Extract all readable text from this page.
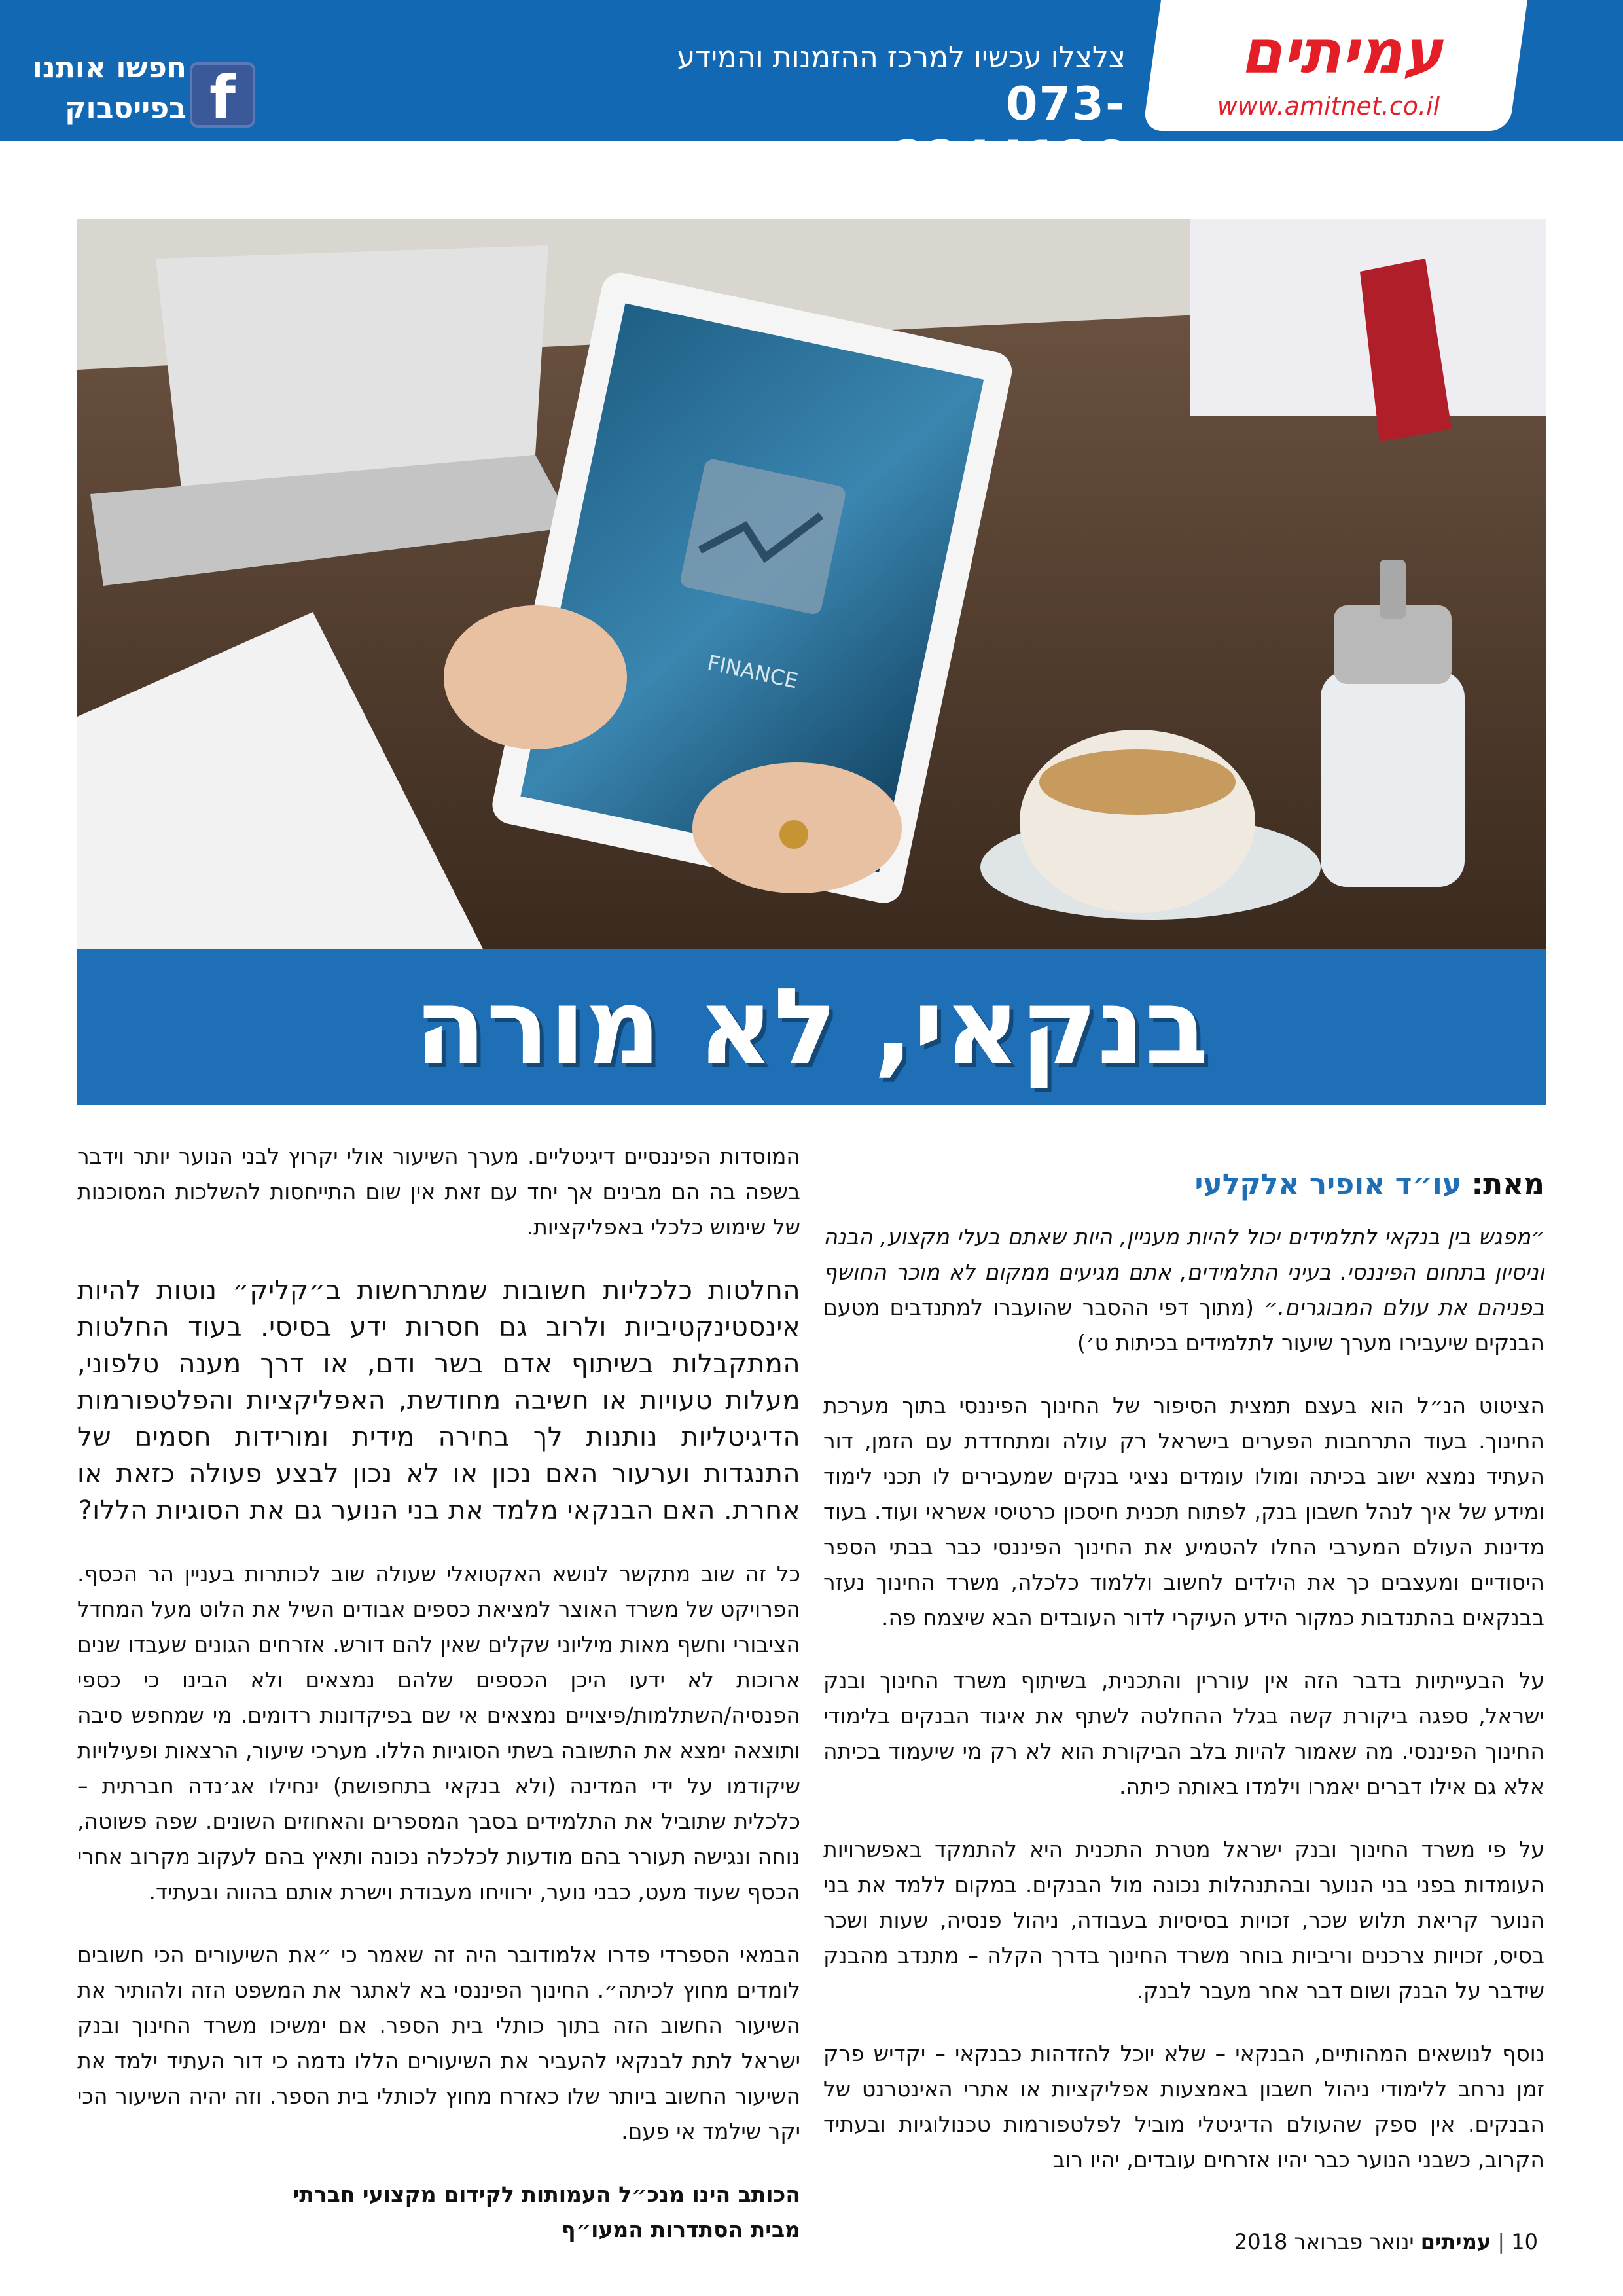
עמיתים
www.amitnet.co.il
צלצלו עכשיו למרכז ההזמנות והמידע
073-2244126
f
חפשו אותנו
בפייסבוק
FINANCE
בנקאי, לא מורה
מאת: עו״ד אופיר אלקלעי

״מפגש בין בנקאי לתלמידים יכול להיות מעניין, היות שאתם בעלי מקצוע, הבנה וניסיון בתחום הפיננסי. בעיני התלמידים, אתם מגיעים ממקום לא מוכר החושף בפניהם את עולם המבוגרים.״ (מתוך דפי ההסבר שהועברו למתנדבים מטעם הבנקים שיעבירו מערך שיעור לתלמידים בכיתות ט׳)

הציטוט הנ״ל הוא בעצם תמצית הסיפור של החינוך הפיננסי בתוך מערכת החינוך. בעוד התרחבות הפערים בישראל רק עולה ומתחדדת עם הזמן, דור העתיד נמצא ישוב בכיתה ומולו עומדים נציגי בנקים שמעבירים לו תכני לימוד ומידע של איך לנהל חשבון בנק, לפתוח תכנית חיסכון כרטיסי אשראי ועוד. בעוד מדינות העולם המערבי החלו להטמיע את החינוך הפיננסי כבר בבתי הספר היסודיים ומעצבים כך את הילדים לחשוב וללמוד כלכלה, משרד החינוך נעזר בבנקאים בהתנדבות כמקור הידע העיקרי לדור העובדים הבא שיצמח פה.

על הבעייתיות בדבר הזה אין עוררין והתכנית, בשיתוף משרד החינוך ובנק ישראל, ספגה ביקורת קשה בגלל ההחלטה לשתף את איגוד הבנקים בלימודי החינוך הפיננסי. מה שאמור להיות בלב הביקורת הוא לא רק מי שיעמוד בכיתה אלא גם אילו דברים יאמרו וילמדו באותה כיתה.

על פי משרד החינוך ובנק ישראל מטרת התכנית היא להתמקד באפשרויות העומדות בפני בני הנוער ובהתנהלות נכונה מול הבנקים. במקום ללמד את בני הנוער קריאת תלוש שכר, זכויות בסיסיות בעבודה, ניהול פנסיה, שעות ושכר בסיס, זכויות צרכנים וריביות בוחר משרד החינוך בדרך הקלה – מתנדב מהבנק שידבר על הבנק ושום דבר אחר מעבר לבנק.

נוסף לנושאים המהותיים, הבנקאי – שלא יוכל להזדהות כבנקאי – יקדיש פרק זמן נרחב ללימודי ניהול חשבון באמצעות אפליקציות או אתרי האינטרנט של הבנקים. אין ספק שהעולם הדיגיטלי מוביל לפלטפורמות טכנולוגיות ובעתיד הקרוב, כשבני הנוער כבר יהיו אזרחים עובדים, יהיו רוב

המוסדות הפיננסיים דיגיטליים. מערך השיעור אולי יקרוץ לבני הנוער יותר וידבר בשפה בה הם מבינים אך יחד עם זאת אין שום התייחסות להשלכות המסוכנות של שימוש כלכלי באפליקציות.

החלטות כלכליות חשובות שמתרחשות ב״קליק״ נוטות להיות אינסטינקטיביות ולרוב גם חסרות ידע בסיסי. בעוד החלטות המתקבלות בשיתוף אדם בשר ודם, או דרך מענה טלפוני, מעלות טעויות או חשיבה מחודשת, האפליקציות והפלטפורמות הדיגיטליות נותנות לך בחירה מידית ומורידות חסמים של התנגדות וערעור האם נכון או לא נכון לבצע פעולה כזאת או אחרת. האם הבנקאי מלמד את בני הנוער גם את הסוגיות הללו?

כל זה שוב מתקשר לנושא האקטואלי שעולה שוב לכותרות בעניין הר הכסף. הפרויקט של משרד האוצר למציאת כספים אבודים השיל את הלוט מעל המחדל הציבורי וחשף מאות מיליוני שקלים שאין להם דורש. אזרחים הגונים שעבדו שנים ארוכות לא ידעו היכן הכספים שלהם נמצאים ולא הבינו כי כספי הפנסיה/השתלמות/פיצויים נמצאים אי שם בפיקדונות רדומים. מי שמחפש סיבה ותוצאה ימצא את התשובה בשתי הסוגיות הללו. מערכי שיעור, הרצאות ופעילויות שיקודמו על ידי המדינה (ולא בנקאי בתחפושת) ינחילו אג׳נדה חברתית – כלכלית שתוביל את התלמידים בסבך המספרים והאחוזים השונים. שפה פשוטה, נוחה ונגישה תעורר בהם מודעות לכלכלה נכונה ותאיץ בהם לעקוב מקרוב אחרי הכסף שעוד מעט, כבני נוער, ירוויחו מעבודת וישרת אותם בהווה ובעתיד.

הבמאי הספרדי פדרו אלמודובר היה זה שאמר כי ״את השיעורים הכי חשובים לומדים מחוץ לכיתה״. החינוך הפיננסי בא לאתגר את המשפט הזה ולהותיר את השיעור החשוב הזה בתוך כותלי בית הספר. אם ימשיכו משרד החינוך ובנק ישראל לתת לבנקאי להעביר את השיעורים הללו נדמה כי דור העתיד ילמד את השיעור החשוב ביותר שלו כאזרח מחוץ לכותלי בית הספר. וזה יהיה השיעור הכי יקר שילמד אי פעם.

הכותב הינו מנכ״ל העמותות לקידום מקצועי חברתי
מבית הסתדרות המעו״ף	10 | עמיתים ינואר פברואר 2018
